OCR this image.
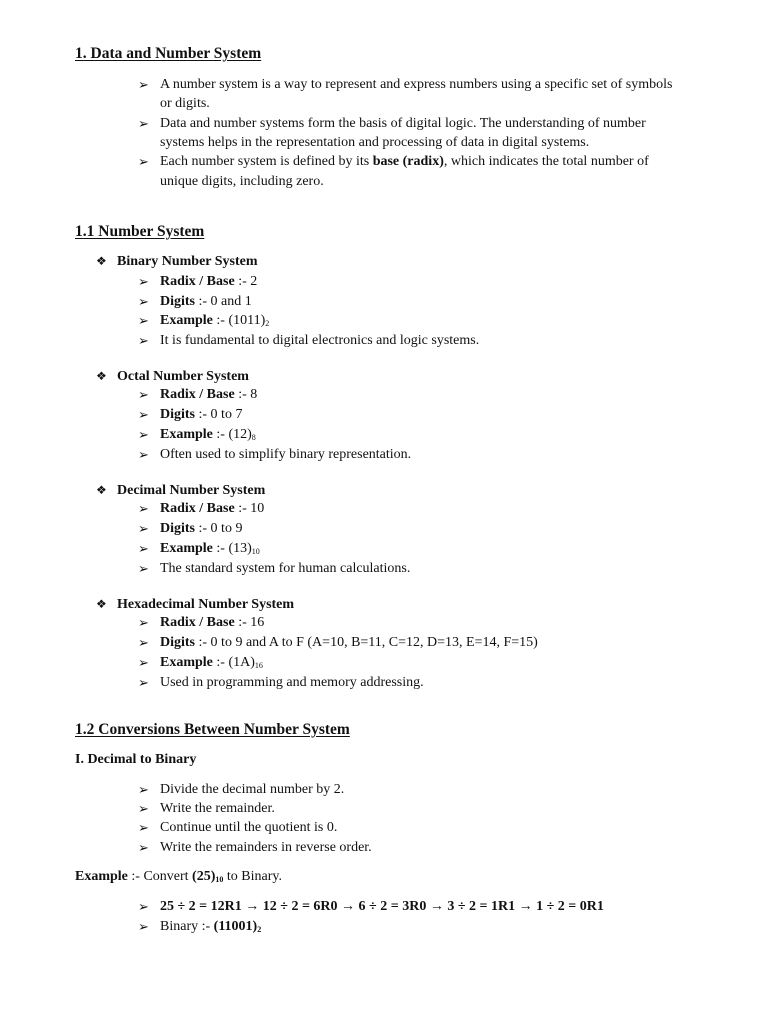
1. Data and Number System
➢ A number system is a way to represent and express numbers using a specific set of symbols
or digits.
➢ Data and number systems form the basis of digital logic. The understanding of number
systems helps in the representation and processing of data in digital systems.
➢ Each number system is defined by its base (radix), which indicates the total number of
unique digits, including zero.
1.1 Number System
❖ Binary Number System
➢ Radix / Base :- 2
➢ Digits :- 0 and 1
➢ Example :- $(1011)_2$
➢ It is fundamental to digital electronics and logic systems.
❖ Octal Number System
➢ Radix / Base :- 8
➢ Digits :- 0 to 7
➢ Example :- $(12)_8$
➢ Often used to simplify binary representation.
❖ Decimal Number System
➢ Radix / Base :- 10
➢ Digits :- 0 to 9
➢ Example :- $(13)_{10}$
➢ The standard system for human calculations.
❖ Hexadecimal Number System
➢ Radix / Base :- 16
➢ Digits :- 0 to 9 and A to F (A=10, B=11, C=12, D=13, E=14, F=15)
➢ Example :- $(1A)_{16}$
➢ Used in programming and memory addressing.
1.2 Conversions Between Number System
I. Decimal to Binary
➢ Divide the decimal number by 2.
➢ Write the remainder.
➢ Continue until the quotient is 0.
➢ Write the remainders in reverse order.
Example :- Convert $(25)_{10}$ to Binary.
➢ 25 ÷ 2 = 12R1 → 12 ÷ 2 = 6R0 → 6 ÷ 2 = 3R0 → 3 ÷ 2 = 1R1 → 1 ÷ 2 = 0R1
➢ Binary :- $(11001)_2$
